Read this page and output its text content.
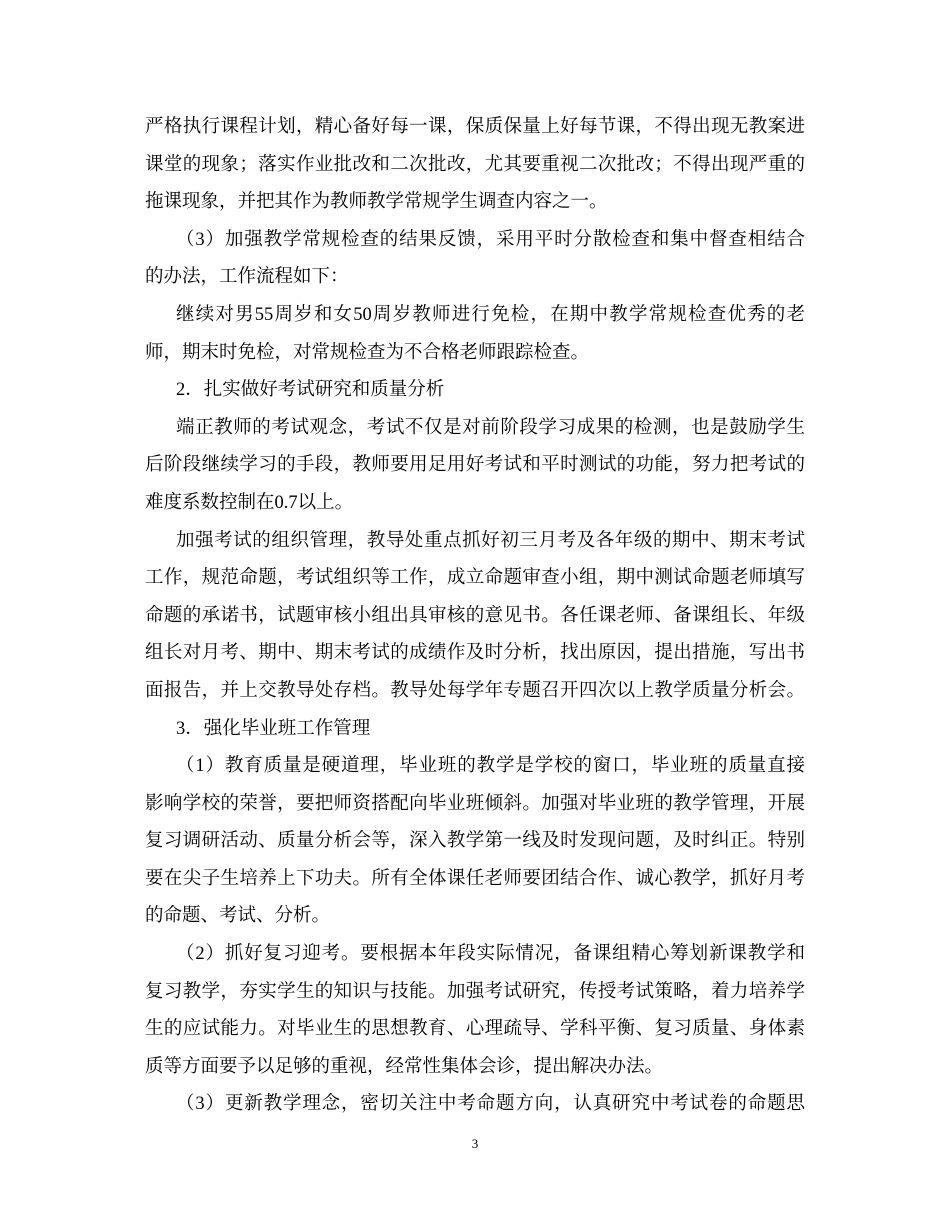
严格执行课程计划，精心备好每一课，保质保量上好每节课，不得出现无教案进
课堂的现象；落实作业批改和二次批改，尤其要重视二次批改；不得出现严重的
拖课现象，并把其作为教师教学常规学生调查内容之一。
（3）加强教学常规检查的结果反馈，采用平时分散检查和集中督查相结合
的办法，工作流程如下：
继续对男55周岁和女50周岁教师进行免检，在期中教学常规检查优秀的老
师，期末时免检，对常规检查为不合格老师跟踪检查。
2．扎实做好考试研究和质量分析
端正教师的考试观念，考试不仅是对前阶段学习成果的检测，也是鼓励学生
后阶段继续学习的手段，教师要用足用好考试和平时测试的功能，努力把考试的
难度系数控制在0.7以上。
加强考试的组织管理，教导处重点抓好初三月考及各年级的期中、期末考试
工作，规范命题，考试组织等工作，成立命题审查小组，期中测试命题老师填写
命题的承诺书，试题审核小组出具审核的意见书。各任课老师、备课组长、年级
组长对月考、期中、期末考试的成绩作及时分析，找出原因，提出措施，写出书
面报告，并上交教导处存档。教导处每学年专题召开四次以上教学质量分析会。
3．强化毕业班工作管理
（1）教育质量是硬道理，毕业班的教学是学校的窗口，毕业班的质量直接
影响学校的荣誉，要把师资搭配向毕业班倾斜。加强对毕业班的教学管理，开展
复习调研活动、质量分析会等，深入教学第一线及时发现问题，及时纠正。特别
要在尖子生培养上下功夫。所有全体课任老师要团结合作、诚心教学，抓好月考
的命题、考试、分析。
（2）抓好复习迎考。要根据本年段实际情况，备课组精心筹划新课教学和
复习教学，夯实学生的知识与技能。加强考试研究，传授考试策略，着力培养学
生的应试能力。对毕业生的思想教育、心理疏导、学科平衡、复习质量、身体素
质等方面要予以足够的重视，经常性集体会诊，提出解决办法。
（3）更新教学理念，密切关注中考命题方向，认真研究中考试卷的命题思
3
